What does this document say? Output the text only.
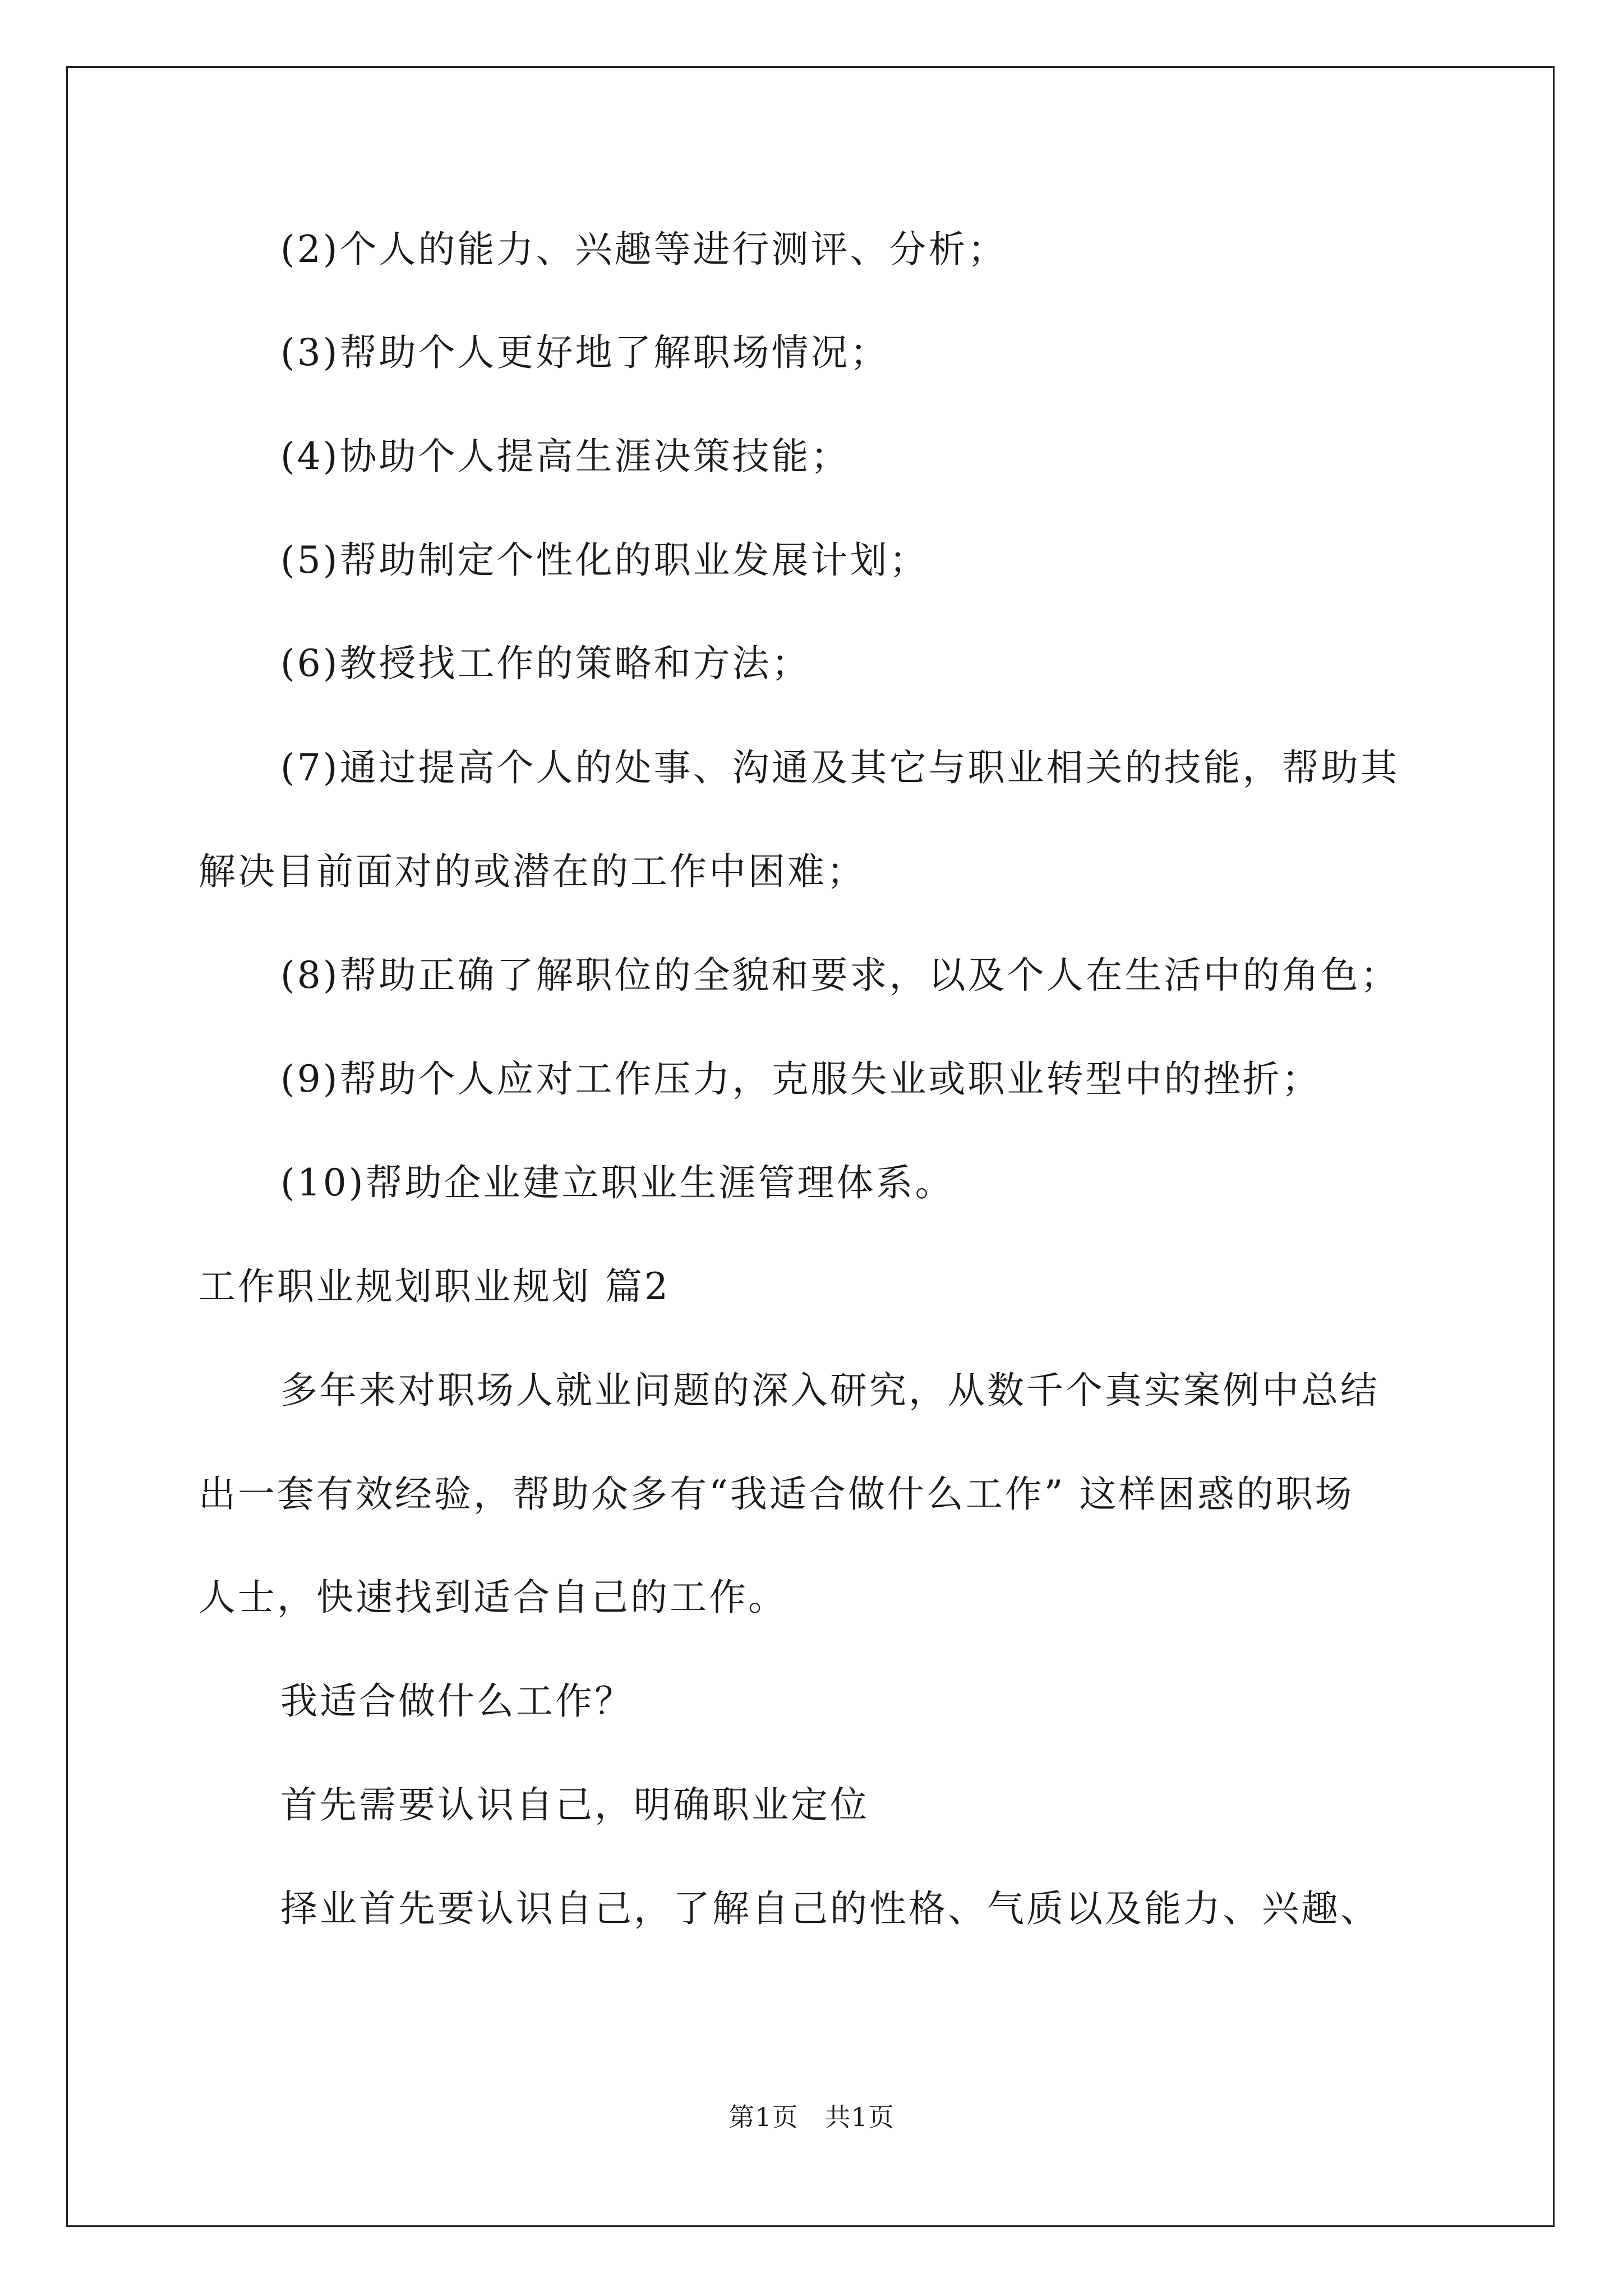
(2)个人的能力、兴趣等进行测评、分析；

(3)帮助个人更好地了解职场情况；

(4)协助个人提高生涯决策技能；

(5)帮助制定个性化的职业发展计划；

(6)教授找工作的策略和方法；

(7)通过提高个人的处事、沟通及其它与职业相关的技能，帮助其

解决目前面对的或潜在的工作中困难；

(8)帮助正确了解职位的全貌和要求，以及个人在生活中的角色；

(9)帮助个人应对工作压力，克服失业或职业转型中的挫折；

(10)帮助企业建立职业生涯管理体系。

工作职业规划职业规划 篇2

多年来对职场人就业问题的深入研究，从数千个真实案例中总结

出一套有效经验，帮助众多有“我适合做什么工作” 这样困惑的职场

人士，快速找到适合自己的工作。

我适合做什么工作？

首先需要认识自己，明确职业定位

择业首先要认识自己，了解自己的性格、气质以及能力、兴趣、

第1页　共1页
